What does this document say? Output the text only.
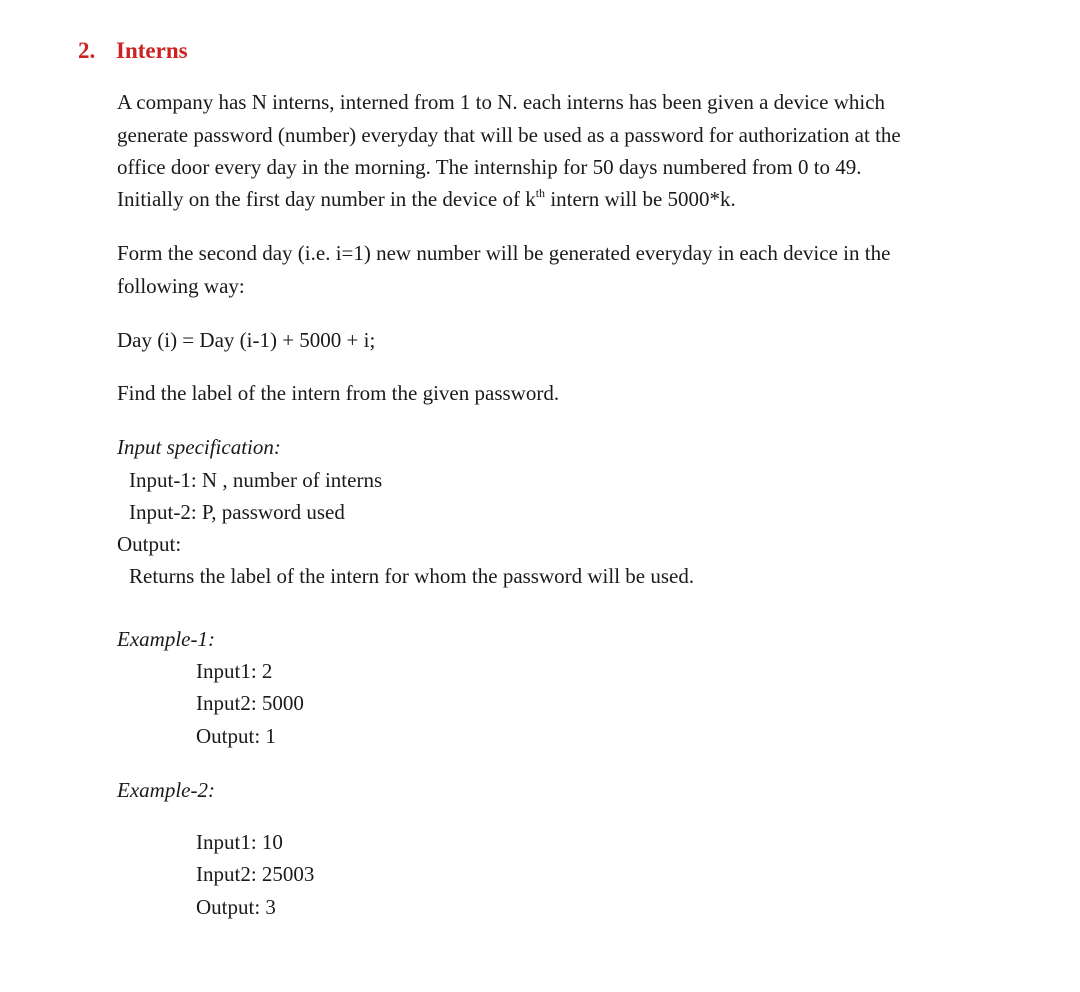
2. Interns

A company has N interns, interned from 1 to N. each interns has been given a device which

generate password (number) everyday that will be used as a password for authorization at the

office door every day in the morning. The internship for 50 days numbered from 0 to 49.

Initially on the first day number in the device of $k^{th}$ intern will be 5000*k.

Form the second day (i.e. i=1) new number will be generated everyday in each device in the

following way:

Day (i) = Day (i-1) + 5000 + i;

Find the label of the intern from the given password.

Input specification:

Input-1: N , number of interns

Input-2: P, password used

Output:

Returns the label of the intern for whom the password will be used.

Example-1:

Input1: 2

Input2: 5000

Output: 1

Example-2:

Input1: 10

Input2: 25003

Output: 3
